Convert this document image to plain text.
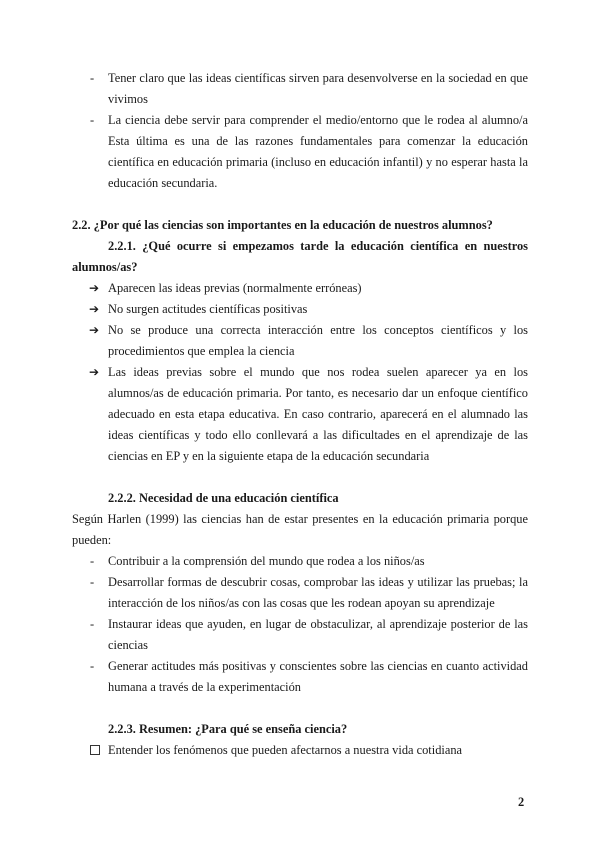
- Tener claro que las ideas científicas sirven para desenvolverse en la sociedad en que vivimos
- La ciencia debe servir para comprender el medio/entorno que le rodea al alumno/a Esta última es una de las razones fundamentales para comenzar la educación científica en educación primaria (incluso en educación infantil) y no esperar hasta la educación secundaria.

2.2. ¿Por qué las ciencias son importantes en la educación de nuestros alumnos?

2.2.1. ¿Qué ocurre si empezamos tarde la educación científica en nuestros alumnos/as?

➔ Aparecen las ideas previas (normalmente erróneas)
➔ No surgen actitudes científicas positivas
➔ No se produce una correcta interacción entre los conceptos científicos y los procedimientos que emplea la ciencia
➔ Las ideas previas sobre el mundo que nos rodea suelen aparecer ya en los alumnos/as de educación primaria. Por tanto, es necesario dar un enfoque científico adecuado en esta etapa educativa. En caso contrario, aparecerá en el alumnado las ideas científicas y todo ello conllevará a las dificultades en el aprendizaje de las ciencias en EP y en la siguiente etapa de la educación secundaria

2.2.2. Necesidad de una educación científica

Según Harlen (1999) las ciencias han de estar presentes en la educación primaria porque pueden:

- Contribuir a la comprensión del mundo que rodea a los niños/as
- Desarrollar formas de descubrir cosas, comprobar las ideas y utilizar las pruebas; la interacción de los niños/as con las cosas que les rodean apoyan su aprendizaje
- Instaurar ideas que ayuden, en lugar de obstaculizar, al aprendizaje posterior de las ciencias
- Generar actitudes más positivas y conscientes sobre las ciencias en cuanto actividad humana a través de la experimentación

2.2.3. Resumen: ¿Para qué se enseña ciencia?

Entender los fenómenos que pueden afectarnos a nuestra vida cotidiana

2
